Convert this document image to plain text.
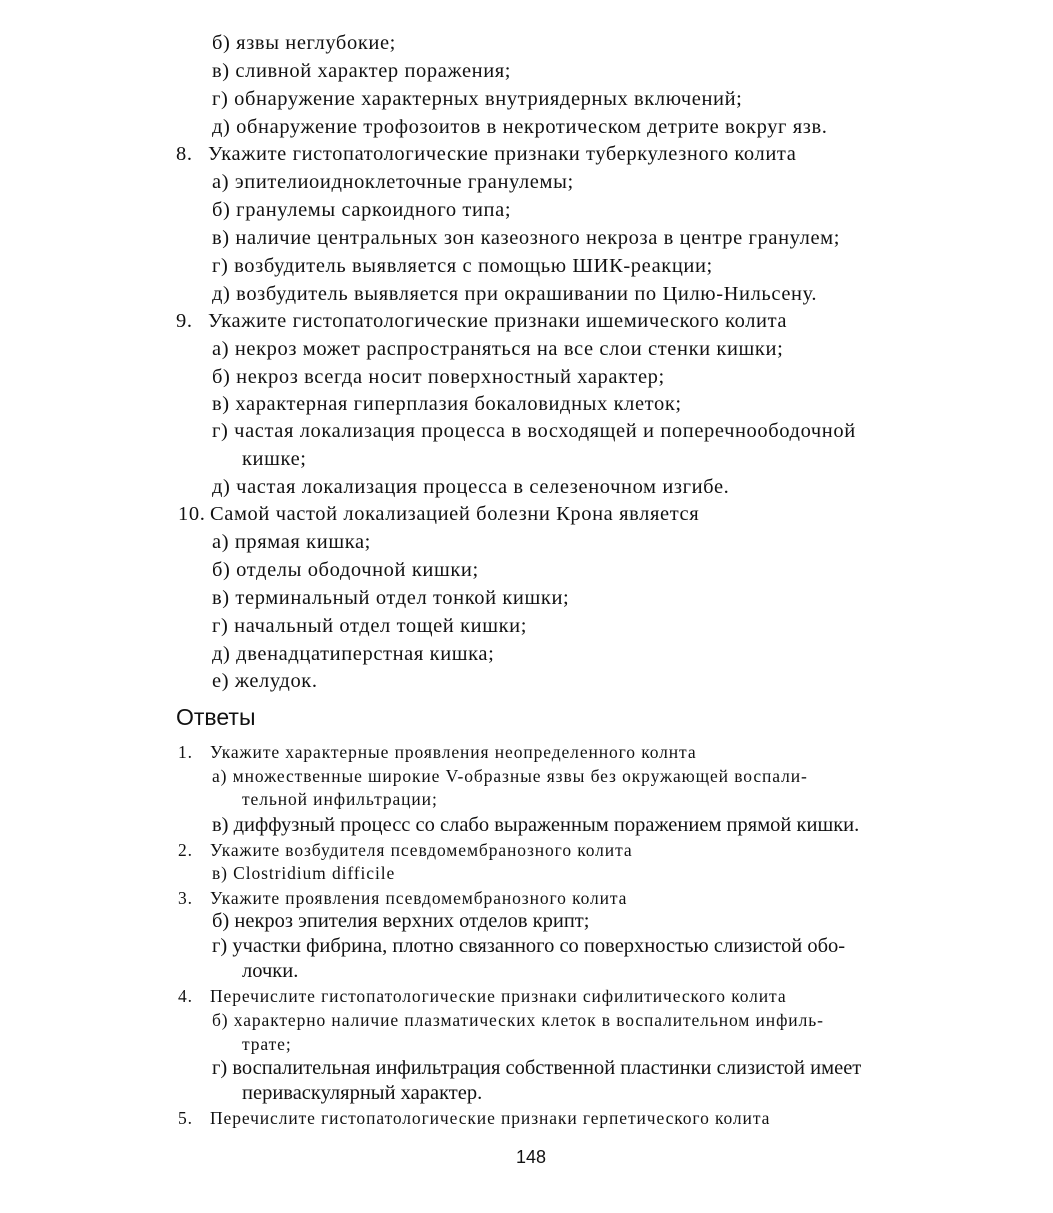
б) язвы неглубокие;
в) сливной характер поражения;
г) обнаружение характерных внутриядерных включений;
д) обнаружение трофозоитов в некротическом детрите вокруг язв.
8. Укажите гистопатологические признаки туберкулезного колита
а) эпителиоидноклеточные гранулемы;
б) гранулемы саркоидного типа;
в) наличие центральных зон казеозного некроза в центре гранулем;
г) возбудитель выявляется с помощью ШИК-реакции;
д) возбудитель выявляется при окрашивании по Цилю-Нильсену.
9. Укажите гистопатологические признаки ишемического колита
а) некроз может распространяться на все слои стенки кишки;
б) некроз всегда носит поверхностный характер;
в) характерная гиперплазия бокаловидных клеток;
г) частая локализация процесса в восходящей и поперечноободочной
кишке;
д) частая локализация процесса в селезеночном изгибе.
10. Самой частой локализацией болезни Крона является
а) прямая кишка;
б) отделы ободочной кишки;
в) терминальный отдел тонкой кишки;
г) начальный отдел тощей кишки;
д) двенадцатиперстная кишка;
е) желудок.
Ответы
1. Укажите характерные проявления неопределенного колнта
а) множественные широкие V-образные язвы без окружающей воспали-
тельной инфильтрации;
в) диффузный процесс со слабо выраженным поражением прямой кишки.
2. Укажите возбудителя псевдомембранозного колита
в) Clostridium difficile
3. Укажите проявления псевдомембранозного колита
б) некроз эпителия верхних отделов крипт;
г) участки фибрина, плотно связанного со поверхностью слизистой обо-
лочки.
4. Перечислите гистопатологические признаки сифилитического колита
б) характерно наличие плазматических клеток в воспалительном инфиль-
трате;
г) воспалительная инфильтрация собственной пластинки слизистой имеет
периваскулярный характер.
5. Перечислите гистопатологические признаки герпетического колита
148
